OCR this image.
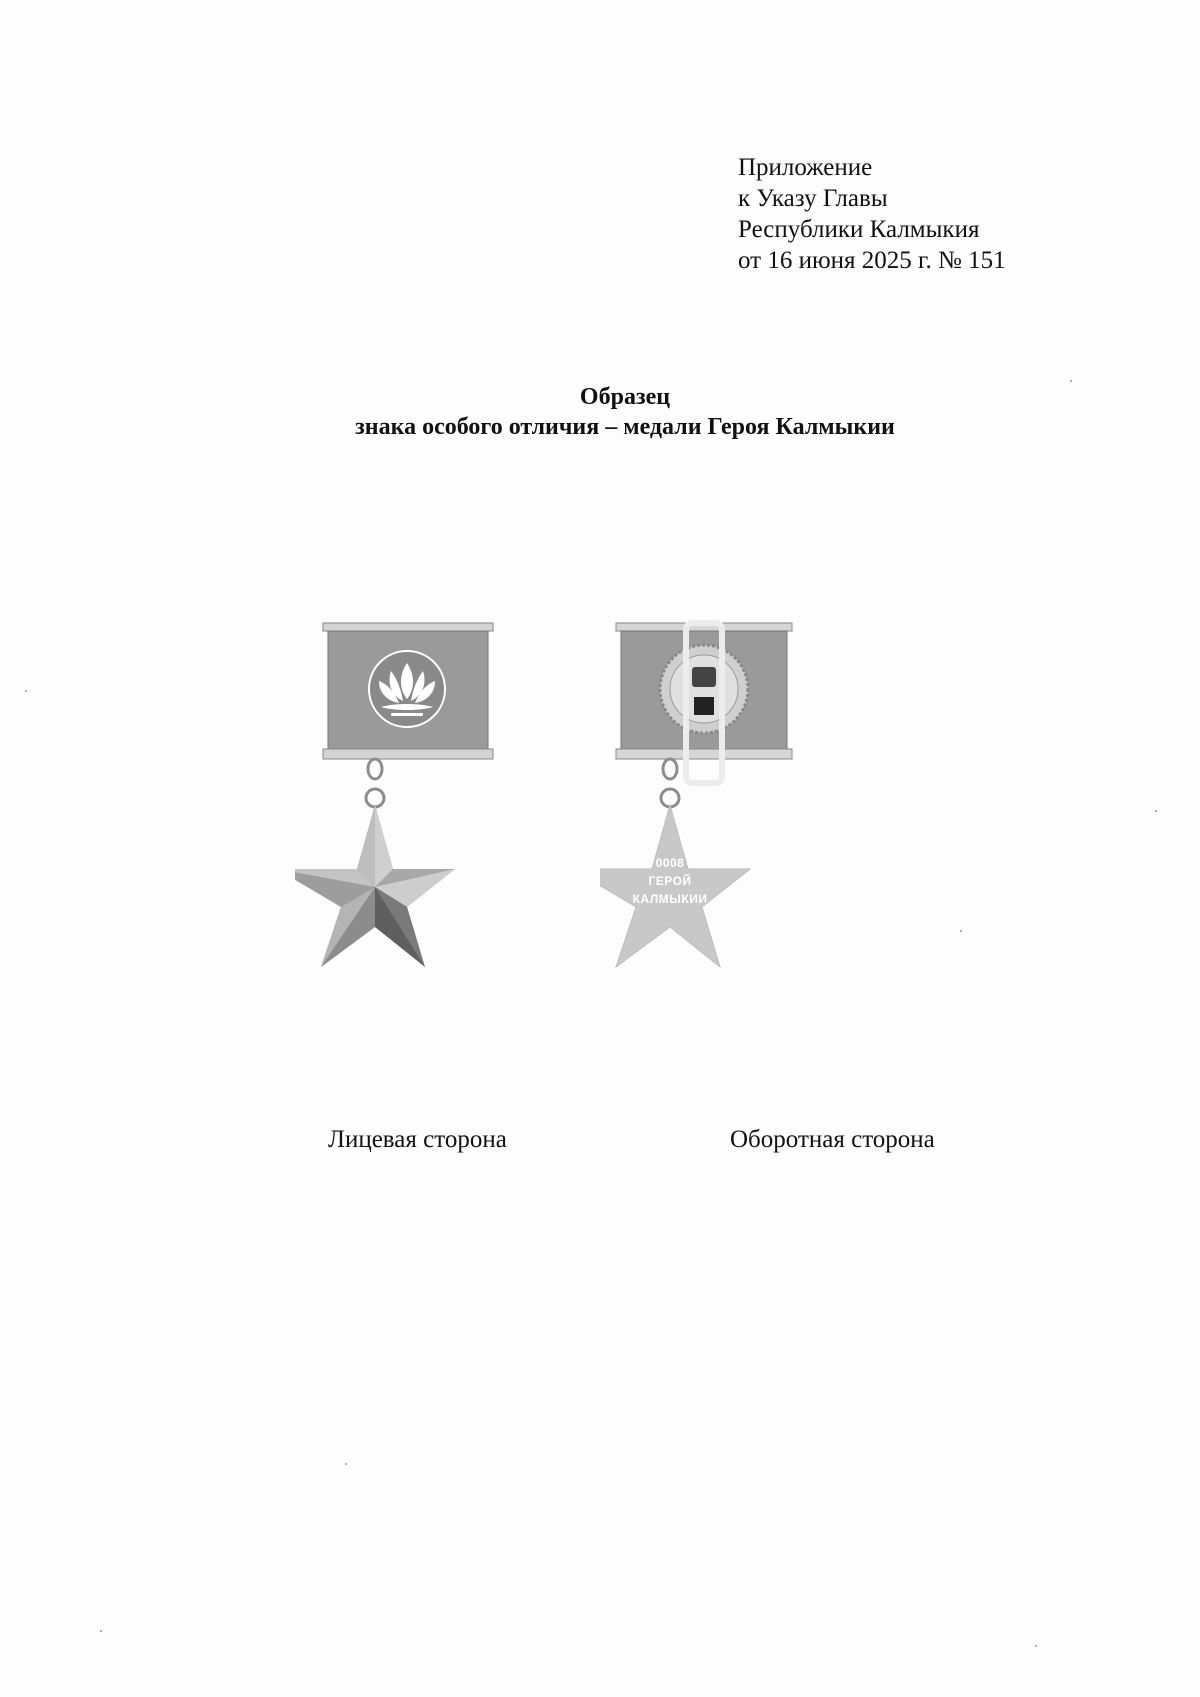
Приложение
к Указу Главы
Республики Калмыкия
от 16 июня 2025 г. № 151
Образец
знака особого отличия – медали Героя Калмыкии
0008
ГЕРОЙ
КАЛМЫКИИ
Лицевая сторона	Оборотная сторона
